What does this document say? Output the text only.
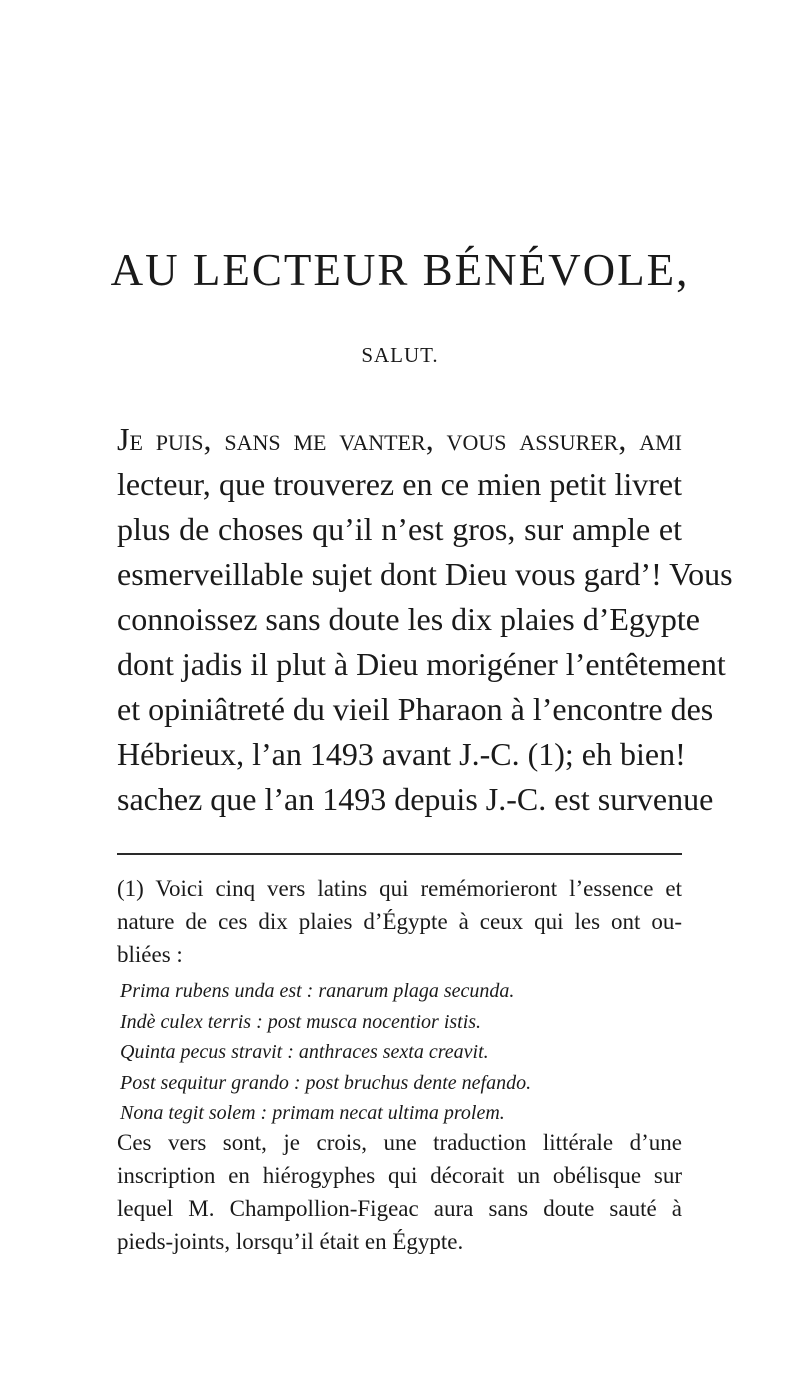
AU LECTEUR BÉNÉVOLE,
SALUT.
Je puis, sans me vanter, vous assurer, ami
lecteur, que trouverez en ce mien petit livret
plus de choses qu’il n’est gros, sur ample et
esmerveillable sujet dont Dieu vous gard’! Vous
connoissez sans doute les dix plaies d’Egypte
dont jadis il plut à Dieu morigéner l’entêtement
et opiniâtreté du vieil Pharaon à l’encontre des
Hébrieux, l’an 1493 avant J.-C. (1); eh bien!
sachez que l’an 1493 depuis J.-C. est survenue
(1) Voici cinq vers latins qui remémorieront l’essence et
nature de ces dix plaies d’Égypte à ceux qui les ont ou-
bliées :
Prima rubens unda est : ranarum plaga secunda.
Indè culex terris : post musca nocentior istis.
Quinta pecus stravit : anthraces sexta creavit.
Post sequitur grando : post bruchus dente nefando.
Nona tegit solem : primam necat ultima prolem.
Ces vers sont, je crois, une traduction littérale d’une
inscription en hiérogyphes qui décorait un obélisque sur
lequel M. Champollion-Figeac aura sans doute sauté à
pieds-joints, lorsqu’il était en Égypte.
